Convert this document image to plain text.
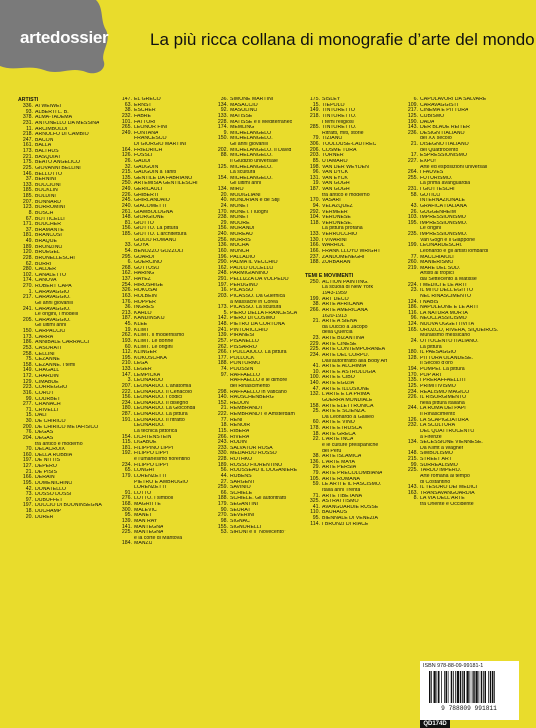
artedossier La più ricca collana di monografie d’arte del mondo
ARTISTI
336. AI WEIWEI
93. ALBERTI L. B.
378. ALMA-TADEMA
231. ANTONELLO DA MESSINA
11. ARCIMBOLDI
218. ARNOLFO DI CAMBIO
247. BACON
161. BALLA
173. BALTHUS
221. BASQUIAT
175. BEATO ANGELICO
225. GIOVANNI BELLINI
146. BELLOTTO
37. BERNINI
133. BOCCIONI
185. BÖCKLIN
185. BOLDINI
207. BONNARD
123. BORROMINI
8. BOSCH
67. BOTTICELLI
171. BOUCHER
37. BRAMANTE
181. BRANCUSI
49. BRAQUE
189. BRONZINO
120. BRUEGEL
228. BRUNELLESCHI
62. BURRI
280. CALDER
102. CANALETTO
174. CANOVA
270. ROBERT CAPA
1. CARAVAGGIO
217. CARAVAGGIO.
Gli anni giovanili
241. CARAVAGGIO.
Le origini, i modelli
205. CARAVAGGIO.
Gli ultimi anni
150. CARPACCIO
173. CARRÀ
186. ANNIBALE CARRACCI
253. CASORATI
258. CELLINI
75. CÉZANNE
158. CÉZANNE. I temi
149. CHAGALL
172. CHARDIN
129. CIMABUE
223. CORREGGIO
316. COROT
99. COURBET
277. CRANACH
71. CRIVELLI
15. DALÍ
30. DE CHIRICO
200. DE CHIRICO METAFISICO
76. DEGAS
204. DEGAS
tra antico e moderno
70. DELACROIX
160. DELLA ROBBIA
197. DE NITTIS
127. DEPERO
21. DE PISIS
166. DERAIN
195. DOMENICHINO
42. DONATELLO
73. DOSSO DOSSI
97. DUBUFFET
197. DUCCIO DI BUONINSEGNA
18. DUCHAMP
20. DÜRER
147. EL GRECO
63. ERNST
38. ESCHER
232. FABRE
101. FATTORI
265. LEONOR FINI
249. FONTANA
FRANCESCO
DI GIORGIO MARTINI
164. FRIEDRICH
126. FÜSSLI
26. GAUDÍ
32. GAUGUIN
215. GAUGUIN a Tahiti
135. GENTILE DA FABRIANO
250. ARTEMISIA GENTILESCHI
249. GERICAULT
226. GHIBERTI
245. GHIRLANDAIO
240. GIACOMETTI
261. GIAMBOLOGNA
148. GIORGIONE
81. GIOTTO
156. GIOTTO. La pittura
185. GIOTTO. L'architettura
GIULIO ROMANO
33. GOYA
54. BENOZZO GOZZOLI
295. GUARDI
6. GUERCINO
268. GUTTUSO
162. HARING
137. HAYEZ
254. HIROSHIGE
326. HOKUSAI
163. HOLBEIN
176. HOPPER
36. INGRES
213. KAHLO
187. KANDINSKIJ
45. KLEE
19. KLIMT
262. KLIMT. Il modernismo
193. KLIMT. Le donne
60. KLIMT. Le origini
112. KLINGER
195. KOKOSCHKA
210. LEGA
133. LÉGER
147. LEMPICKA
3. LEONARDO
207. LEONARDO. L'anatomia
222. LEONARDO. Il Cenacolo
156. LEONARDO. I codici
234. LEONARDO. Il disegno
180. LEONARDO. La Gioconda
287. LEONARDO. La pittura
191. LEONARDO. Il ritratto
LEONARDO.
La tecnica pittorica
154. LICHTENSTEIN
115. LIGABUE
181. FILIPPINO LIPPI
192. FILIPPO LIPPI
e l'umanesimo fiorentino
234. FILIPPO LIPPI
65. LONGHI
179. LORENZETTI
PIETRO E AMBROGIO
LORENZETTI
91. LOTTO
276. LOTTO. I simboli
168. MAGRITTE
300. MALEVIČ
95. MANET
139. MAN RAY
141. MANTEGNA
225. MANTEGNA
e la corte di Mantova
184. MANZÙ
36. SIMONE MARTINI
134. MASACCIO
92. MASOLINO
133. MATISSE
228. MATISSE e il Mediterraneo
174. MEMLING
9. MICHELANGELO
150. MICHELANGELO.
Gli anni giovanili
202. MICHELANGELO. Il David
88. MICHELANGELO.
Il Giudizio universale
125. MICHELANGELO.
La scultura
154. MICHELANGELO.
Gli ultimi anni
134. MIRÓ
20. MODIGLIANI
40. MONDRIAN e de Stijl
24. MONET
170. MONET. I luoghi
238. MONET
29. MOORE
156. MORANDI
240. MOREAU
256. MORRIS
136. MUCHA
160. MUNCH
196. PALLADIO
290. PALMA IL VECCHIO
162. PAOLO UCCELLO
248. PARMIGIANINO
291. PELLIZZA DA VOLPEDO
197. PERUGINO
16. PICASSO
203. PICASSO. Da Guernica
a Massacre in Corea
173. PICASSO. La scultura
5. PIERO DELLA FRANCESCA
142. PIERO DI COSIMO
148. PIETRO DA CORTONA
241. PINTORICCHIO
139. PIRANESI
257. PISANELLO
262. PISSARRO
266. I POLLAIOLO. La pittura
177. POLLOCK
188. PONTORMO
74. POUSSIN
97. RAFFAELLO
RAFFAELLO e le dimore
del Rinascimento
298. RAFFAELLO in Vaticano
140. RAUSCHENBERG
152. REDON
21. REMBRANDT
222. REMBRANDT e Amsterdam
77. RENI
18. RENOIR
115. RIBERA
266. RIVERA
243. RODIN
233. SALVATOR ROSA
330. MEDARDO ROSSO
228. ROTHKO
189. ROSSO FIORENTINO
56. ROUSSEAU IL DOGANIERE
44. RUBENS
27. SARGENT
259. SAVINIO
66. SCHIELE
188. SCHIELE. Gli autoritratti
179. SEGANTINI
90. SEURAT
270. SEVERINI
98. SIGNAC
155. SIGNORELLI
53. SIRONI e il “Novecento”
175. SISLEY
15. TIEPOLO
149. TINTORETTO
218. TINTORETTO.
I temi religiosi
285. TINTORETTO.
Ritratti, miti, storie
79. TIZIANO
306. TOULOUSE-LAUTREC
206. COSMÈ TURA
203. TURNER
85. UTAMARO
198. VAN DER WEYDEN
96. VAN DYCK
131. VAN EYCK
19. VAN GOGH
187. VAN GOGH
tra antico e moderno
170. VASARI
94. VELÁZQUEZ
292. VERMEER
104. VERONESE
118. VERONESE.
La pittura profana
133. VERROCCHIO
130. I VIVARINI
166. WARHOL
166. FRANK LLOYD WRIGHT
237. ZANDOMENEGHI
188. ZURBARÁN
TEMI E MOVIMENTI
250. ACTION PAINTING.
La scuola di New York
1943-1959
199. ART DECO
38. ARTE AFRICANA
266. ARTE AMERICANA
1620-1913
21. ARTE A SIENA
da Duccio a Jacopo
della Quercia
23. ARTE BIZANTINA
229. ARTE CINESE
225. ARTE CONTEMPORANEA
234. ARTE DEL CORPO.
Dall'autoritratto alla Body Art
41. ARTE E ALCHIMIA
10. ARTE E ASTROLOGIA
100. ARTE E CIBO
140. ARTE EGIZIA
47. ARTE E ILLUSIONE
132. L'ARTE E LA PRIMA
GUERRA MONDIALE
158. ARTE ELETTRONICA
25. ARTE E SCIENZA.
Da Leonardo a Galileo
60. ARTE E VINO
178. ARTE ETRUSCA
18. ARTE GRECA
22. L'ARTE INCA
e le culture preispaniche
del Perù
38. ARTE ISLAMICA
136. L'ARTE MAYA
29. ARTE PERSIA
79. ARTE PRECOLOMBIANA
105. ARTE ROMANA
59. LE ARTI E IL FASCISMO.
Italia anni Trenta
71. ARTE TIBETANA
325. ASTRATTISMO
41. AVANGUARDIE RUSSE
110. BAUHAUS
95. BIENNALE DI VENEZIA
114. I BRONZI DI RIACE
6. CAPOLAVORI DA SALVARE
109. CARAVAGGISTI
217. CINEMA E PITTURA
125. CUBISMO
190. DADA
143. DER BLAUE REITER
236. DESIGN ITALIANO
del XX secolo
21. DISEGNO ITALIANO
del Quattrocento
17. ESPRESSIONISMO
227. EXPO!
Arte ed esposizioni universali
264. I FAUVES
255. FUTURISMO.
La prima avanguardia
231. I GIOTTESCHI
58. GOTICO
INTERNAZIONALE
43. GRAFICA ITALIANA
26. GUGGENHEIM
103. IMPRESSIONISMO
195. IMPRESSIONISMO.
Le origini
235. IMPRESSIONISMO.
Van Gogh e il Giappone
199. LEONARDESCHI.
Leonardo e gli artisti lombardi
77. MACCHIAIOLI
260. MANIERISMO
219. MARE DEL SUD.
Artisti ai tropici
dal Settecento a Matisse
224. I MEDICI E LE ARTI
23. IL MITO DELL'EGITTO
NEL RINASCIMENTO
124. I NABIS
186. NAPOLEONE E LE ARTI
116. LA NATURA MORTA
96. NEOCLASSICISMO
124. NUOVA OGGETTIVITÀ
165. OROZCO, RIVERA, SIQUEIROS.
Muralismo messicano
24. OTTOCENTO ITALIANO.
La pittura
180. IL PAESAGGIO
128. PITTURA OLANDESE.
Il Secolo d'oro
194. POMPEI. La pittura
170. POP ART
135. I PRERAFFAELLITI
125. PRIMITIVISMO
234. REALISMO MAGICO
226. IL RISORGIMENTO
nella pittura italiana
244. LA ROMA DEI PAPI
Il Rinascimento
126. LA SCAPIGLIATURA
232. LA SCULTURA
DEL QUATTROCENTO
a Firenze
134. SECESSIONE VIENNESE.
Da Klimt a Wagner
148. SIMBOLISMO
215. STREET ART
99. SURREALISMO
225. TARDO IMPERO.
Arte romana al tempo
di Costantino
143. IL TESORO DEI MEDICI
163. TRANSAVANGUARDIA
8. LA VIA DELL'ARTE
tra Oriente e Occidente
ISBN 978-88-09-99181-1
9 788809 991811
QD174D
